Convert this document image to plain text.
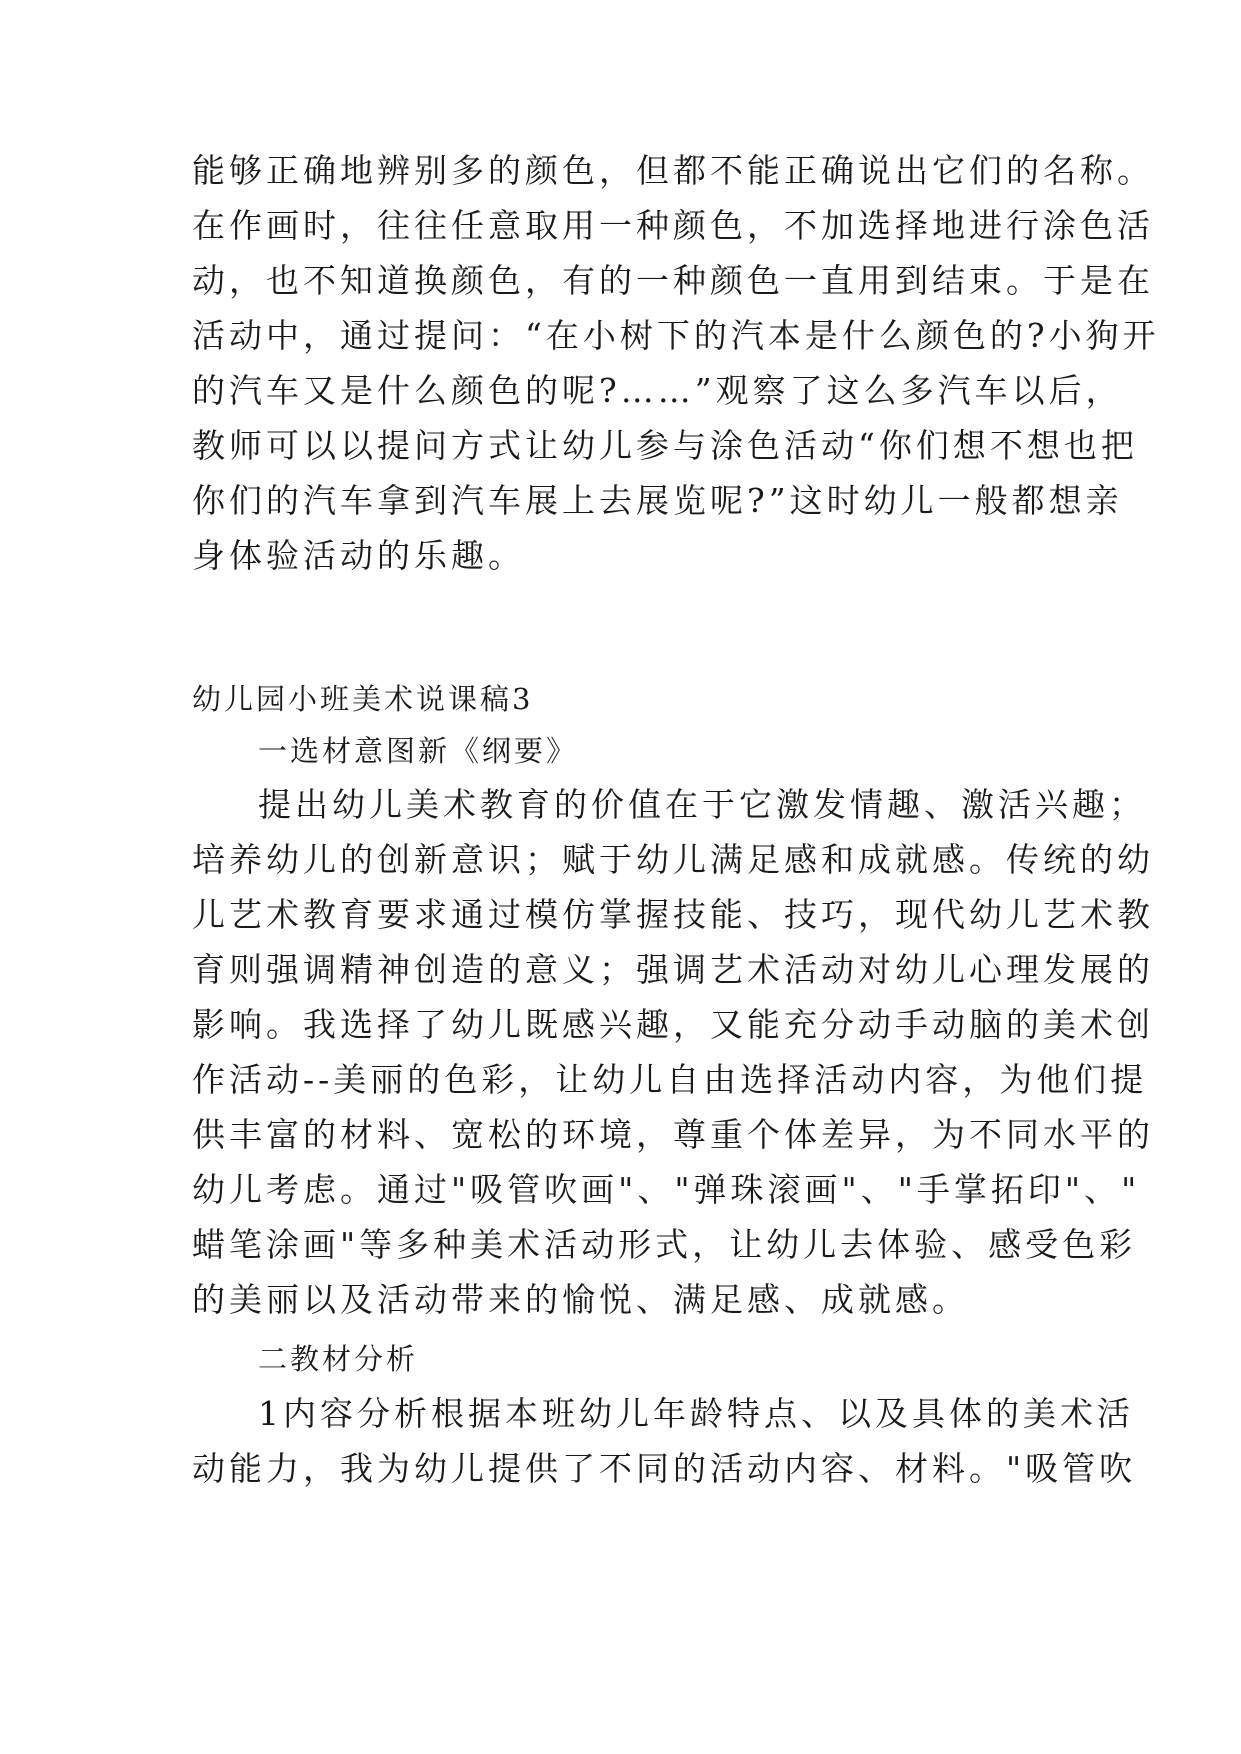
能够正确地辨别多的颜色，但都不能正确说出它们的名称。

在作画时，往往任意取用一种颜色，不加选择地进行涂色活

动，也不知道换颜色，有的一种颜色一直用到结束。于是在

活动中，通过提问：“在小树下的汽本是什么颜色的?小狗开

的汽车又是什么颜色的呢?……”观察了这么多汽车以后，

教师可以以提问方式让幼儿参与涂色活动“你们想不想也把

你们的汽车拿到汽车展上去展览呢?”这时幼儿一般都想亲

身体验活动的乐趣。

幼儿园小班美术说课稿3

一选材意图新《纲要》

提出幼儿美术教育的价值在于它激发情趣、激活兴趣；

培养幼儿的创新意识；赋于幼儿满足感和成就感。传统的幼

儿艺术教育要求通过模仿掌握技能、技巧，现代幼儿艺术教

育则强调精神创造的意义；强调艺术活动对幼儿心理发展的

影响。我选择了幼儿既感兴趣，又能充分动手动脑的美术创

作活动--美丽的色彩，让幼儿自由选择活动内容，为他们提

供丰富的材料、宽松的环境，尊重个体差异，为不同水平的

幼儿考虑。通过"吸管吹画"、"弹珠滚画"、"手掌拓印"、"

蜡笔涂画"等多种美术活动形式，让幼儿去体验、感受色彩

的美丽以及活动带来的愉悦、满足感、成就感。

二教材分析

1内容分析根据本班幼儿年龄特点、以及具体的美术活

动能力，我为幼儿提供了不同的活动内容、材料。"吸管吹
